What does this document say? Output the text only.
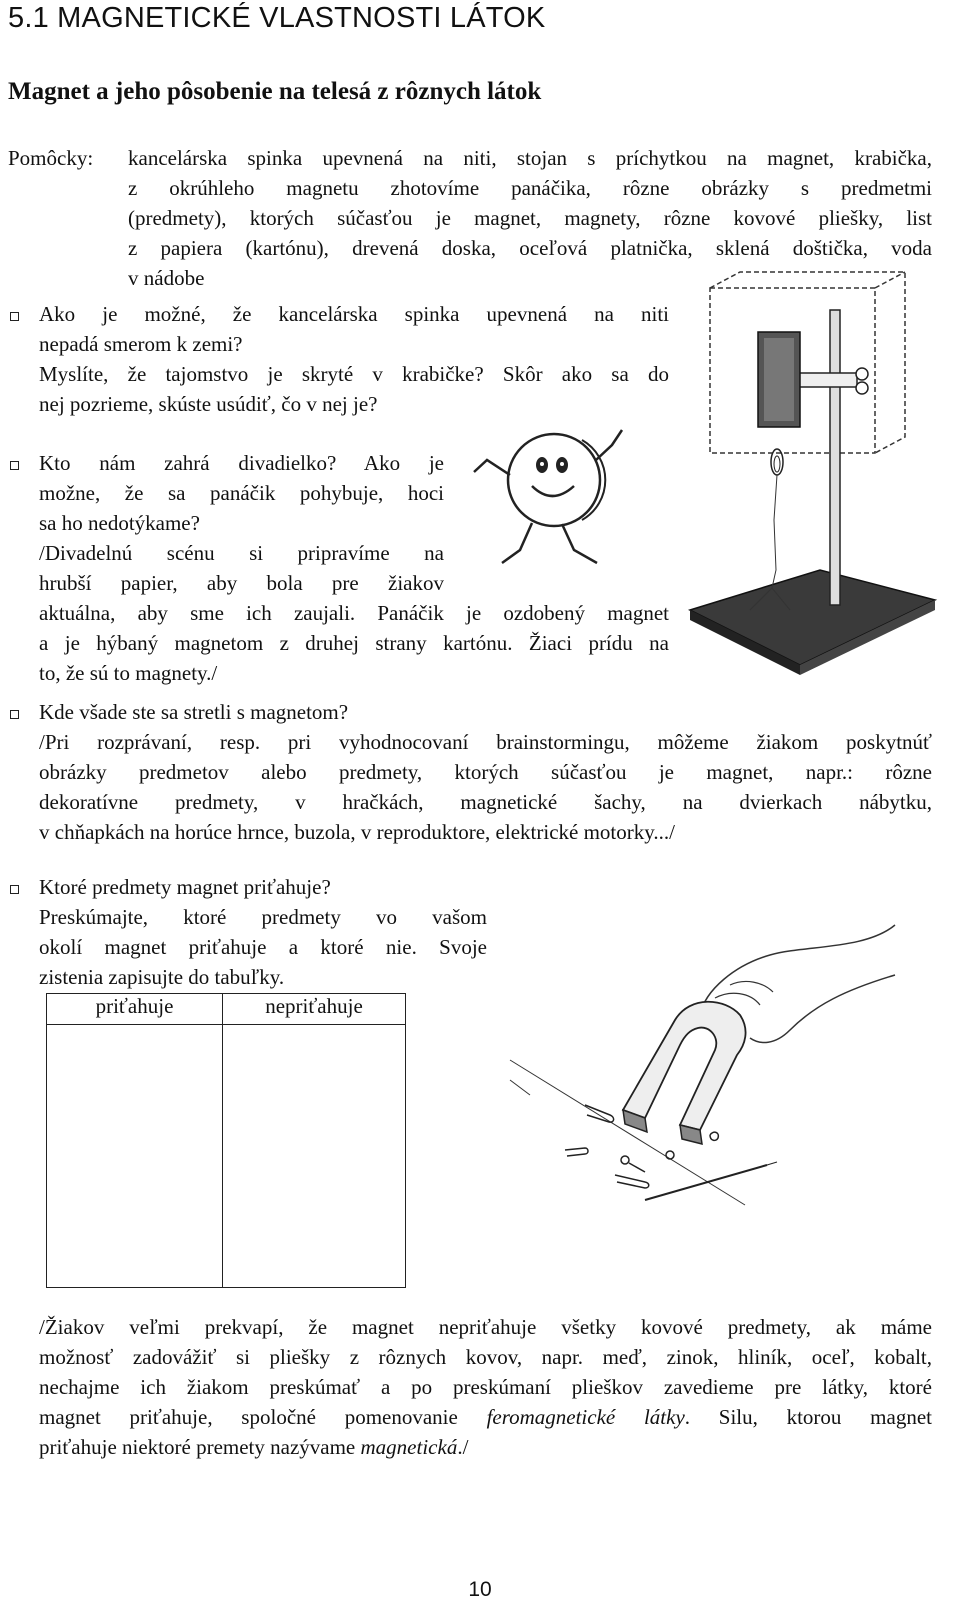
5.1 MAGNETICKÉ VLASTNOSTI LÁTOK
Magnet a jeho pôsobenie na telesá z rôznych látok
Pomôcky: kancelárska spinka upevnená na niti, stojan s príchytkou na magnet, krabička,
z okrúhleho magnetu zhotovíme panáčika, rôzne obrázky s predmetmi
(predmety), ktorých súčasťou je magnet, magnety, rôzne kovové pliešky, list
z papiera (kartónu), drevená doska, oceľová platnička, sklená doštička, voda
v nádobe
Ako je možné, že kancelárska spinka upevnená na niti
nepadá smerom k zemi?
Myslíte, že tajomstvo je skryté v krabičke? Skôr ako sa do
nej pozrieme, skúste usúdiť, čo v nej je?
Kto nám zahrá divadielko? Ako je
možne, že sa panáčik pohybuje, hoci
sa ho nedotýkame?
/Divadelnú scénu si pripravíme na
hrubší papier, aby bola pre žiakov
aktuálna, aby sme ich zaujali. Panáčik je ozdobený magnet
a je hýbaný magnetom z druhej strany kartónu. Žiaci prídu na
to, že sú to magnety./
Kde všade ste sa stretli s magnetom?
/Pri rozprávaní, resp. pri vyhodnocovaní brainstormingu, môžeme žiakom poskytnúť
obrázky predmetov alebo predmety, ktorých súčasťou je magnet, napr.: rôzne
dekoratívne predmety, v hračkách, magnetické šachy, na dvierkach nábytku,
v chňapkách na horúce hrnce, buzola, v reproduktore, elektrické motorky.../
Ktoré predmety magnet priťahuje?
Preskúmajte, ktoré predmety vo vašom
okolí magnet priťahuje a ktoré nie. Svoje
zistenia zapisujte do tabuľky.
priťahuje	nepriťahuje

/Žiakov veľmi prekvapí, že magnet nepriťahuje všetky kovové predmety, ak máme
možnosť zadovážiť si pliešky z rôznych kovov, napr. meď, zinok, hliník, oceľ, kobalt,
nechajme ich žiakom preskúmať a po preskúmaní plieškov zavedieme pre látky, ktoré
magnet priťahuje, spoločné pomenovanie feromagnetické látky. Silu, ktorou magnet
priťahuje niektoré premety nazývame magnetická./
10
